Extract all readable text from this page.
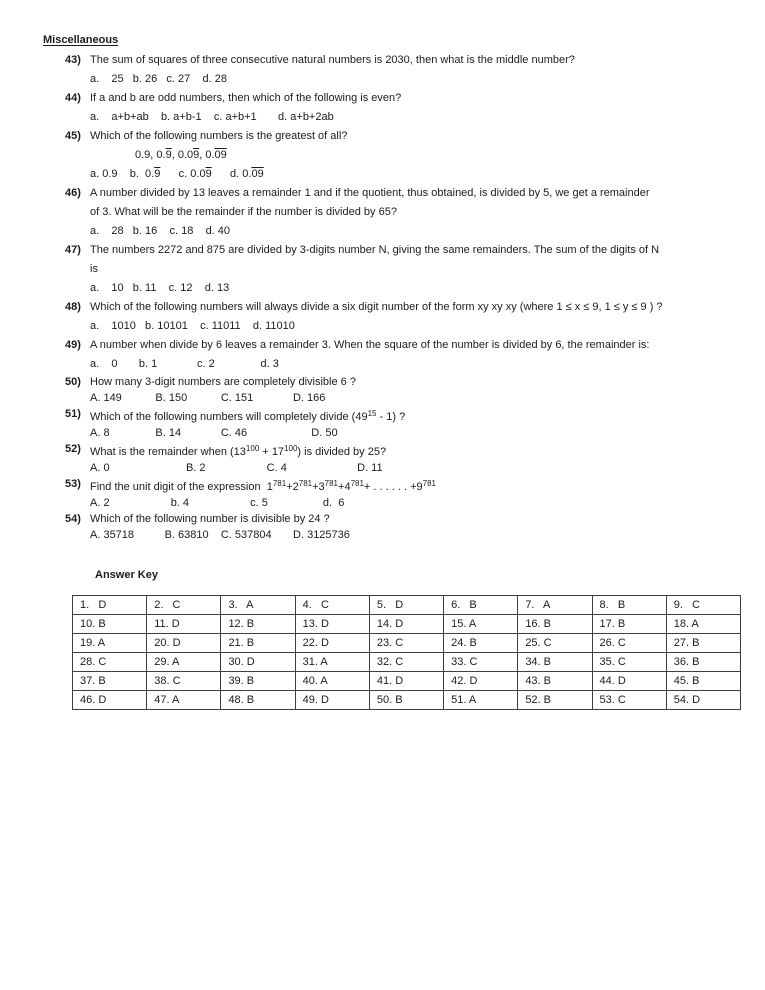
Miscellaneous
43) The sum of squares of three consecutive natural numbers is 2030, then what is the middle number?
a.    25   b. 26   c. 27    d. 28
44) If a and b are odd numbers, then which of the following is even?
a.    a+b+ab    b. a+b-1    c. a+b+1       d. a+b+2ab
45) Which of the following numbers is the greatest of all?
0.9, 0.9, 0.09, 0.09
a. 0.9    b.  0.9      c. 0.09      d. 0.09
46) A number divided by 13 leaves a remainder 1 and if the quotient, thus obtained, is divided by 5, we get a remainder
of 3. What will be the remainder if the number is divided by 65?
a.    28   b. 16    c. 18    d. 40
47) The numbers 2272 and 875 are divided by 3-digits number N, giving the same remainders. The sum of the digits of N
is
a.    10   b. 11    c. 12    d. 13
48) Which of the following numbers will always divide a six digit number of the form xy xy xy (where 1 ≤ x ≤ 9, 1 ≤ y ≤ 9 ) ?
a.    1010   b. 10101    c. 11011    d. 11010
49) A number when divide by 6 leaves a remainder 3. When the square of the number is divided by 6, the remainder is:
a.    0       b. 1             c. 2               d. 3
50) How many 3-digit numbers are completely divisible 6 ?
A. 149           B. 150           C. 151             D. 166
51) Which of the following numbers will completely divide $(49^{15} - 1)$ ?
A. 8               B. 14             C. 46                     D. 50
52) What is the remainder when $(13^{100} + 17^{100})$ is divided by 25?
A. 0                         B. 2                    C. 4                       D. 11
53) Find the unit digit of the expression  $1^{781}+2^{781}+3^{781}+4^{781}+$ . . . . . . $+9^{781}$
A. 2                    b. 4                    c. 5                  d.  6
54) Which of the following number is divisible by 24 ?
A. 35718          B. 63810    C. 537804       D. 3125736
Answer Key
1.   D	2.   C	3.   A	4.   C	5.   D	6.   B	7.   A	8.   B	9.   C
10. B	11. D	12. B	13. D	14. D	15. A	16. B	17. B	18. A
19. A	20. D	21. B	22. D	23. C	24. B	25. C	26. C	27. B
28. C	29. A	30. D	31. A	32. C	33. C	34. B	35. C	36. B
37. B	38. C	39. B	40. A	41. D	42. D	43. B	44. D	45. B
46. D	47. A	48. B	49. D	50. B	51. A	52. B	53. C	54. D
